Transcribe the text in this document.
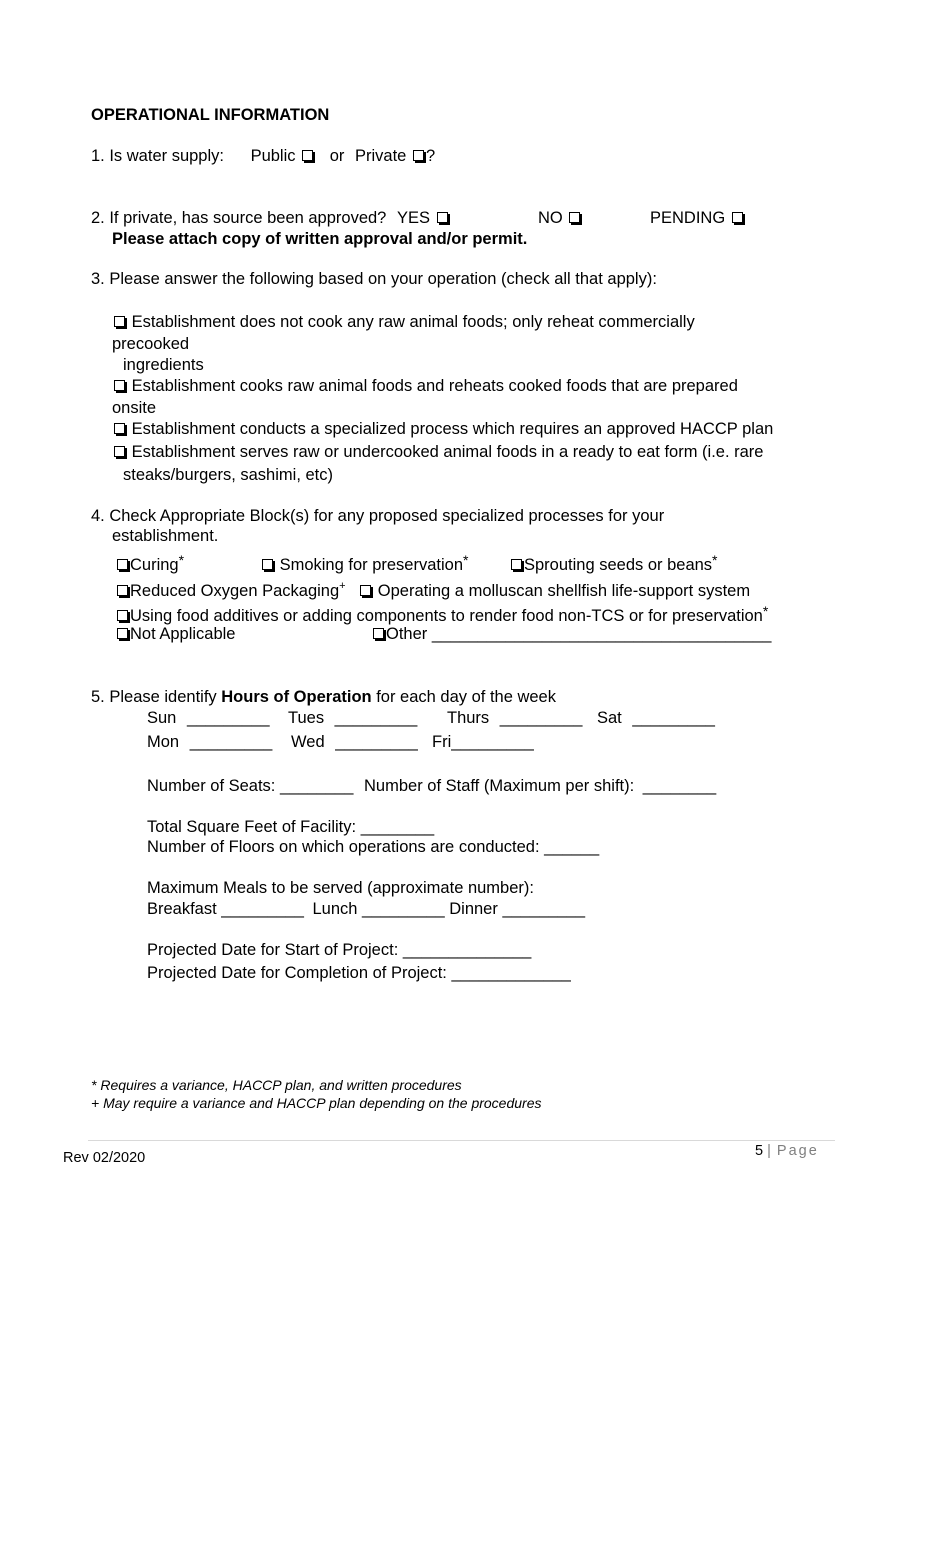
OPERATIONAL INFORMATION
1. Is water supply: Public or Private ?
2. If private, has source been approved? YES	NO	PENDING
Please attach copy of written approval and/or permit.
3. Please answer the following based on your operation (check all that apply):
Establishment does not cook any raw animal foods; only reheat commercially
precooked
ingredients
Establishment cooks raw animal foods and reheats cooked foods that are prepared
onsite
Establishment conducts a specialized process which requires an approved HACCP plan
Establishment serves raw or undercooked animal foods in a ready to eat form (i.e. rare
steaks/burgers, sashimi, etc)
4. Check Appropriate Block(s) for any proposed specialized processes for your
establishment.
Curing*	Smoking for preservation*	Sprouting seeds or beans*
Reduced Oxygen Packaging+ Operating a molluscan shellfish life-support system
Using food additives or adding components to render food non-TCS or for preservation*
Not Applicable	Other _____________________________________
5. Please identify Hours of Operation for each day of the week
Sun _________ Tues _________ Thurs _________ Sat _________
Mon _________ Wed _________ Fri_________
Number of Seats: ________ Number of Staff (Maximum per shift): ________
Total Square Feet of Facility: ________
Number of Floors on which operations are conducted: ______
Maximum Meals to be served (approximate number):
Breakfast _________ Lunch _________ Dinner _________
Projected Date for Start of Project: ______________
Projected Date for Completion of Project: _____________
* Requires a variance, HACCP plan, and written procedures
+ May require a variance and HACCP plan depending on the procedures
Rev 02/2020	5 | Page
